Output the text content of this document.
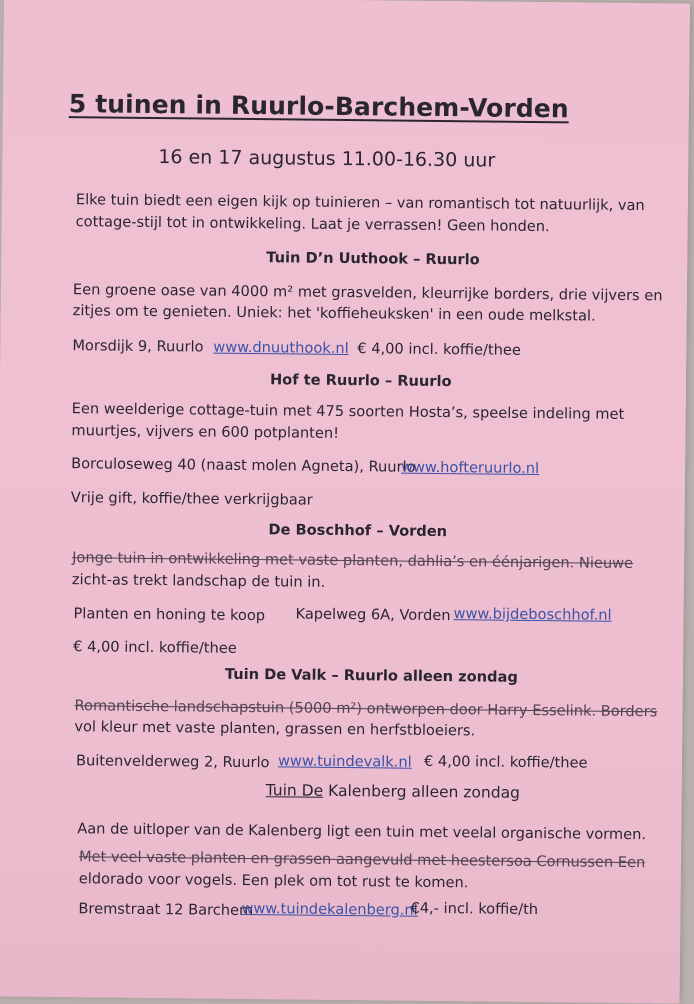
5 tuinen in Ruurlo-Barchem-Vorden
16 en 17 augustus 11.00-16.30 uur
Elke tuin biedt een eigen kijk op tuinieren – van romantisch tot natuurlijk, van
cottage-stijl tot in ontwikkeling. Laat je verrassen! Geen honden.
Tuin D’n Uuthook – Ruurlo
Een groene oase van 4000 m² met grasvelden, kleurrijke borders, drie vijvers en
zitjes om te genieten. Uniek: het 'koffieheuksken' in een oude melkstal.
Morsdijk 9, Ruurlo www.dnuuthook.nl € 4,00 incl. koffie/thee
Hof te Ruurlo – Ruurlo
Een weelderige cottage-tuin met 475 soorten Hosta’s, speelse indeling met
muurtjes, vijvers en 600 potplanten!
Borculoseweg 40 (naast molen Agneta), Ruurlo
www.hofteruurlo.nl
Vrije gift, koffie/thee verkrijgbaar
De Boschhof – Vorden
Jonge tuin in ontwikkeling met vaste planten, dahlia’s en éénjarigen. Nieuwe
zicht-as trekt landschap de tuin in.
Planten en honing te koop Kapelweg 6A, Vorden www.bijdeboschhof.nl
€ 4,00 incl. koffie/thee
Tuin De Valk – Ruurlo alleen zondag
Romantische landschapstuin (5000 m²) ontworpen door Harry Esselink. Borders
vol kleur met vaste planten, grassen en herfstbloeiers.
Buitenvelderweg 2, Ruurlo www.tuindevalk.nl € 4,00 incl. koffie/thee
Tuin De Kalenberg alleen zondag
Aan de uitloper van de Kalenberg ligt een tuin met veelal organische vormen.
Met veel vaste planten en grassen aangevuld met heestersoa Cornussen Een
eldorado voor vogels. Een plek om tot rust te komen.
Bremstraat 12 Barchem
www.tuindekalenberg.nl
€4,- incl. koffie/th
